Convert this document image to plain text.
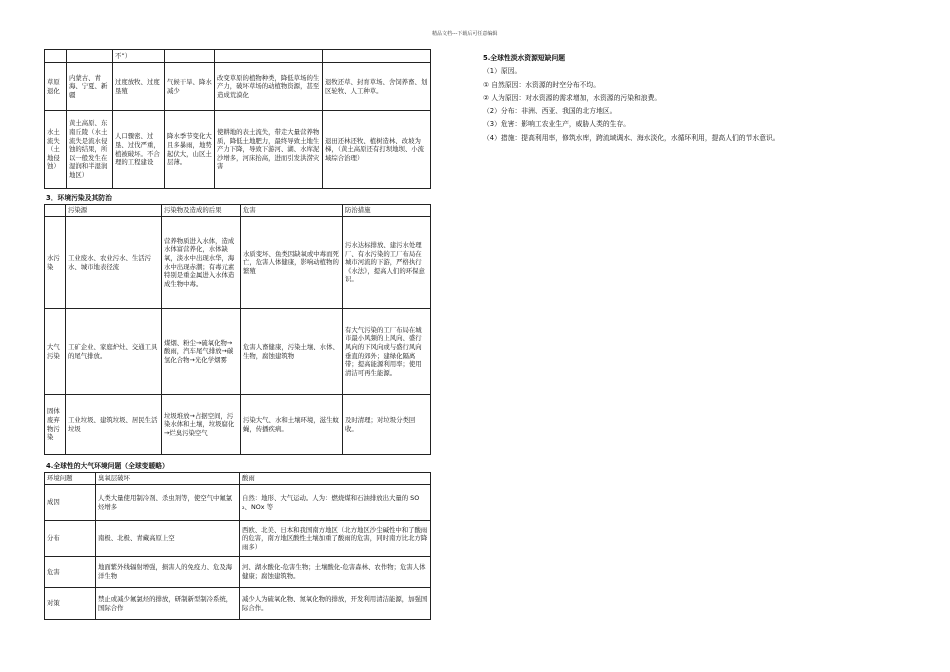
精品文档---下载后可任意编辑
		不”）			
草原退化	内蒙古、青海、宁夏、新疆	过度放牧、过度垦殖	气候干旱、降水减少	改变草原的植物种类，降低草场的生产力，破坏草场的动植物资源，甚至造成荒漠化	退牧还草、封育草场、舍饲养畜、划区轮牧、人工种草。
水土流失（土地侵蚀）	黄土高原、东南丘陵（水土流失是流水侵蚀的结果，所以一般发生在湿润和半湿润地区）	人口骤密、过垦、过伐严重，植被破坏。不合理的工程建设	降水季节变化大且多暴雨，地势起伏大，山区土层薄。	使耕地的表土流失，带走大量营养物质，降低土地肥力，最终导致土地生产力下降，导致下游河、湖、水库泥沙增多，河床抬高，进而引发洪涝灾害	退田还林还牧、植树造林、改坡为梯，（黄土高原还有打坝地坝、小流域综合治理）
3．环境污染及其防治
	污染源	污染物及造成的后果	危害	防治措施
水污染	工业废水、农业污水、生活污水、城市地表径流	营养物质进入水体，造成水体富营养化，水体缺氧，淡水中出现水华，海水中出现赤潮；有毒元素特别是重金属进入水体造成生物中毒。	水质变坏、鱼类因缺氧或中毒而死亡，危害人体健康，影响动植物的繁殖	污水达标排放、建污水处理厂、有水污染的工厂布局在城市河流的下游，严格执行《水法》，提高人们的环保意识。
大气污染	工矿企业、家庭炉灶、交通工具的尾气排放。	煤烟、粉尘→硫氧化物→酸雨，汽车尾气排放→碳氢化合物→光化学烟雾	危害人畜健康，污染土壤、水体、生物，腐蚀建筑物	有大气污染的工厂布局在城市最小风频的上风向、盛行风向的下风向或与盛行风向垂直的郊外；建绿化隔离带；提高能源利用率；使用清洁可再生能源。
固体废弃物污染	工业垃圾、建筑垃圾、居民生活垃圾	垃圾堆放→占据空间，污染水体和土壤，垃圾腐化→烂臭污染空气	污染大气、水和土壤环境，滋生蚊蝇，传播疾病。	及时清理；对垃圾分类回收。
4.全球性的大气环境问题（全球变暖略）
环境问题	臭氧层破坏	酸雨
成因	人类大量使用制冷剂、杀虫剂等，使空气中氟氯烃增多	自然：地形、大气运动。人为：燃烧煤和石油排放出大量的 SO₂、NOx 等
分布	南极、北极、青藏高原上空	西欧、北美、日本和我国南方地区（北方地区沙尘碱性中和了酸雨的危害，南方地区酸性土壤加重了酸雨的危害，同时南方比北方降雨多）
危害	地面紫外线辐射增强，损害人的免疫力、危及海洋生物	河、湖水酸化-危害生物；土壤酸化-危害森林、农作物；危害人体健康；腐蚀建筑物。
对策	禁止或减少氟氯烃的排放，研制新型制冷系统，国际合作	减少人为硫氧化物、氮氧化物的排放，开发利用清洁能源，加强国际合作。
5.全球性淡水资源短缺问题
（1）原因。
① 自然原因：水资源的时空分布不均。
② 人为原因：对水资源的需求增加，水资源的污染和浪费。
（2）分布：非洲、西亚、我国的北方地区。
（3）危害：影响工农业生产，威胁人类的生存。
（4）措施：提高利用率，修筑水库，跨流域调水、海水淡化，水循环利用，提高人们的节水意识。
